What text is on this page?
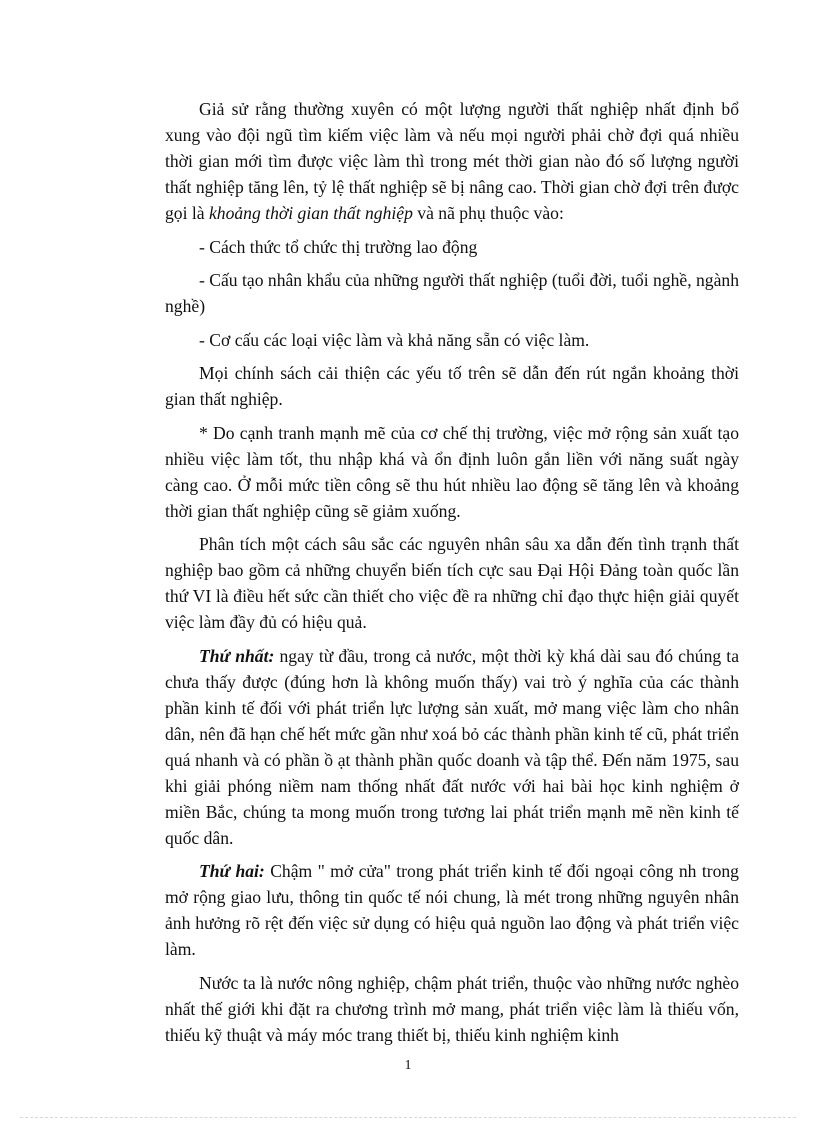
Giả sử rằng thường xuyên có một lượng người thất nghiệp nhất định bổ xung vào đội ngũ tìm kiếm việc làm và nếu mọi người phải chờ đợi quá nhiều thời gian mới tìm được việc làm thì trong mét thời gian nào đó số lượng người thất nghiệp tăng lên, tỷ lệ thất nghiệp sẽ bị nâng cao. Thời gian chờ đợi trên được gọi là khoảng thời gian thất nghiệp và nã phụ thuộc vào:

- Cách thức tổ chức thị trường lao động

- Cấu tạo nhân khẩu của những người thất nghiệp (tuổi đời, tuổi nghề, ngành nghề)

- Cơ cấu các loại việc làm và khả năng sẵn có việc làm.

Mọi chính sách cải thiện các yếu tố trên sẽ dẫn đến rút ngắn khoảng thời gian thất nghiệp.

* Do cạnh tranh mạnh mẽ của cơ chế thị trường, việc mở rộng sản xuất tạo nhiều việc làm tốt, thu nhập khá và ổn định luôn gắn liền với năng suất ngày càng cao. Ở mỗi mức tiền công sẽ thu hút nhiều lao động sẽ tăng lên và khoảng thời gian thất nghiệp cũng sẽ giảm xuống.

Phân tích một cách sâu sắc các nguyên nhân sâu xa dẫn đến tình trạnh thất nghiệp bao gồm cả những chuyển biến tích cực sau Đại Hội Đảng toàn quốc lần thứ VI là điều hết sức cần thiết cho việc đề ra những chỉ đạo thực hiện giải quyết việc làm đầy đủ có hiệu quả.

Thứ nhất: ngay từ đầu, trong cả nước, một thời kỳ khá dài sau đó chúng ta chưa thấy được (đúng hơn là không muốn thấy) vai trò ý nghĩa của các thành phần kinh tế đối với phát triển lực lượng sản xuất, mở mang việc làm cho nhân dân, nên đã hạn chế hết mức gần như xoá bỏ các thành phần kinh tế cũ, phát triển quá nhanh và có phần ồ ạt thành phần quốc doanh và tập thể. Đến năm 1975, sau khi giải phóng niềm nam thống nhất đất nước với hai bài học kinh nghiệm ở miền Bắc, chúng ta mong muốn trong tương lai phát triển mạnh mẽ nền kinh tế quốc dân.

Thứ hai: Chậm " mở cửa" trong phát triển kinh tế đối ngoại công nh trong mở rộng giao lưu, thông tin quốc tế nói chung, là mét trong những nguyên nhân ảnh hưởng rõ rệt đến việc sử dụng có hiệu quả nguồn lao động và phát triển việc làm.

Nước ta là nước nông nghiệp, chậm phát triển, thuộc vào những nước nghèo nhất thế giới khi đặt ra chương trình mở mang, phát triển việc làm là thiếu vốn, thiếu kỹ thuật và máy móc trang thiết bị, thiếu kinh nghiệm kinh

1
